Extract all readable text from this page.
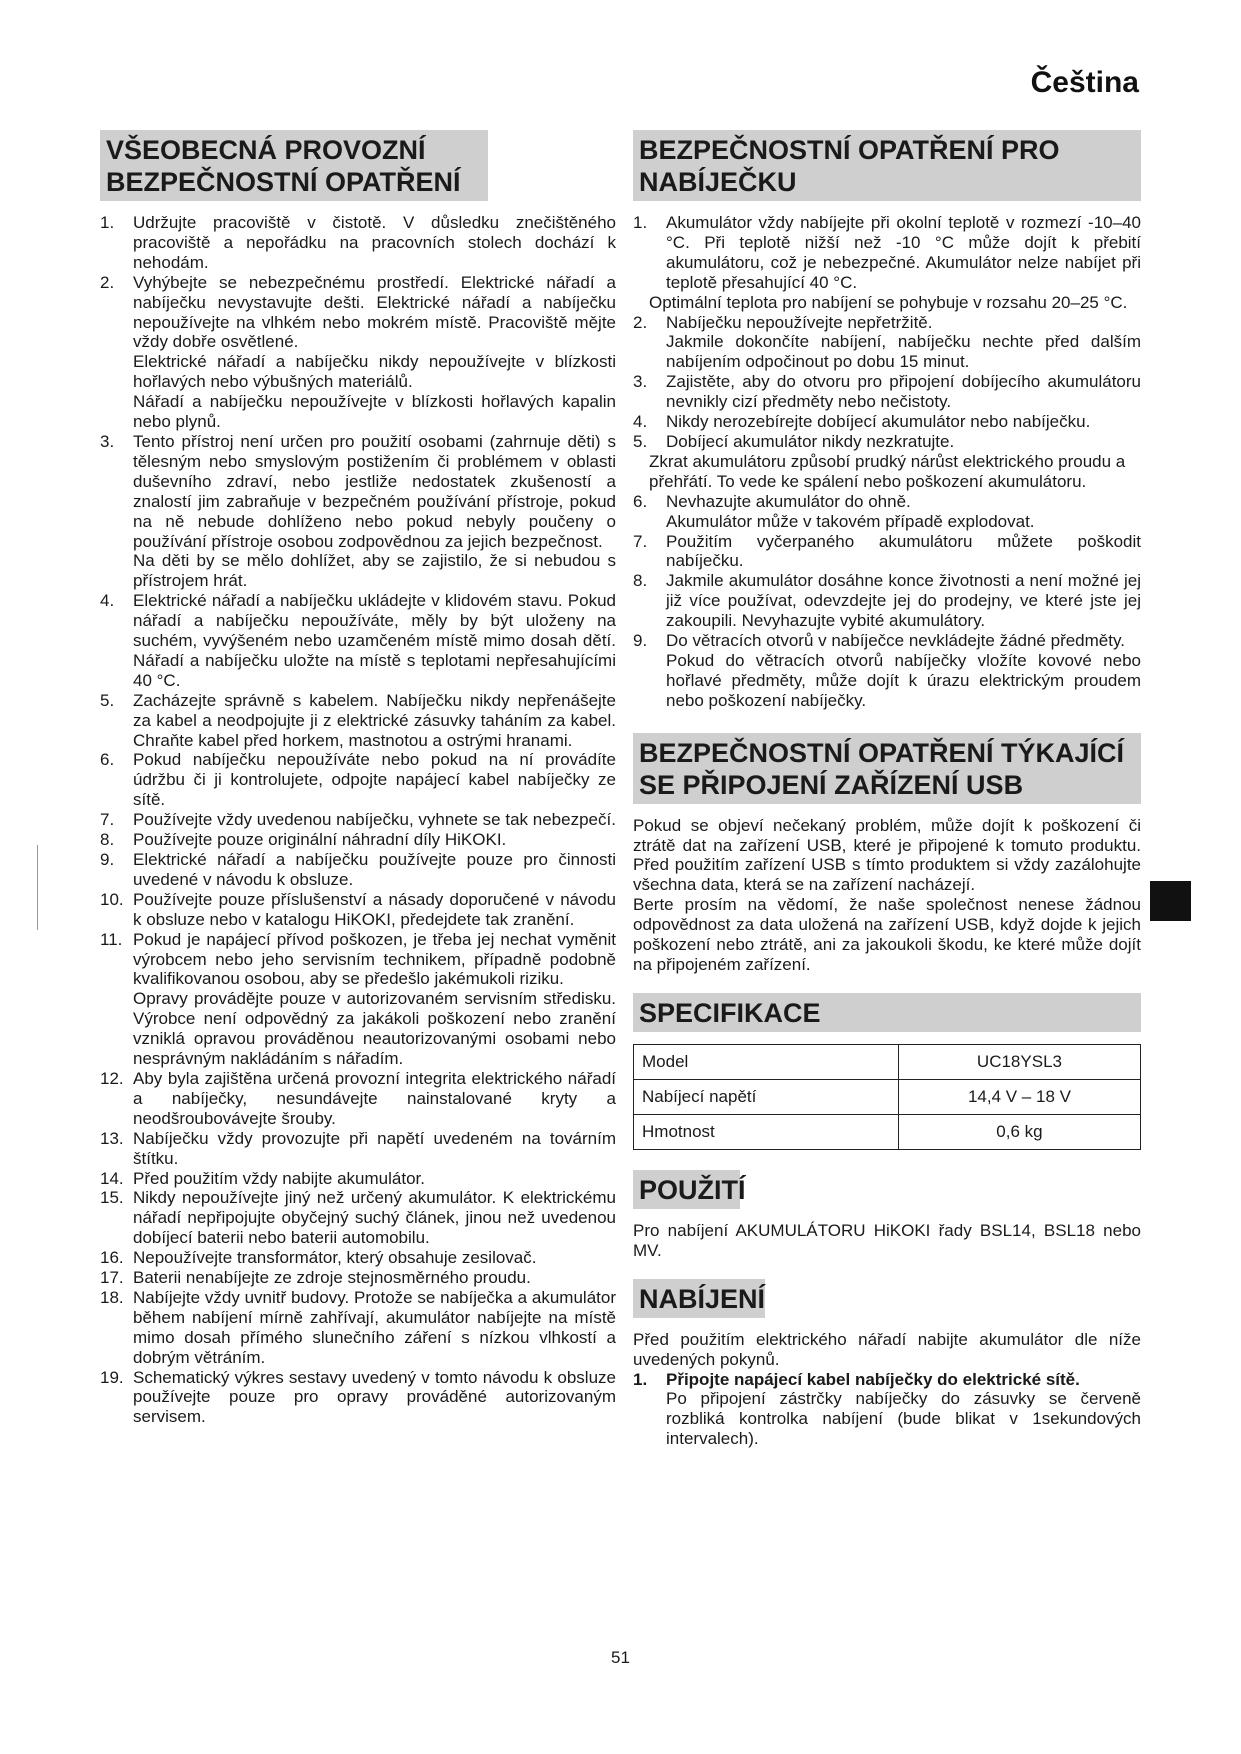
Čeština
VŠEOBECNÁ PROVOZNÍ BEZPEČNOSTNÍ OPATŘENÍ
1. Udržujte pracoviště v čistotě. V důsledku znečištěného pracoviště a nepořádku na pracovních stolech dochází k nehodám.
2. Vyhýbejte se nebezpečnému prostředí. Elektrické nářadí a nabíječku nevystavujte dešti. Elektrické nářadí a nabíječku nepoužívejte na vlhkém nebo mokrém místě. Pracoviště mějte vždy dobře osvětlené.
Elektrické nářadí a nabíječku nikdy nepoužívejte v blízkosti hořlavých nebo výbušných materiálů.
Nářadí a nabíječku nepoužívejte v blízkosti hořlavých kapalin nebo plynů.
3. Tento přístroj není určen pro použití osobami (zahrnuje děti) s tělesným nebo smyslovým postižením či problémem v oblasti duševního zdraví, nebo jestliže nedostatek zkušeností a znalostí jim zabraňuje v bezpečném používání přístroje, pokud na ně nebude dohlíženo nebo pokud nebyly poučeny o používání přístroje osobou zodpovědnou za jejich bezpečnost.
Na děti by se mělo dohlížet, aby se zajistilo, že si nebudou s přístrojem hrát.
4. Elektrické nářadí a nabíječku ukládejte v klidovém stavu. Pokud nářadí a nabíječku nepoužíváte, měly by být uloženy na suchém, vyvýšeném nebo uzamčeném místě mimo dosah dětí. Nářadí a nabíječku uložte na místě s teplotami nepřesahujícími 40 °C.
5. Zacházejte správně s kabelem. Nabíječku nikdy nepřenášejte za kabel a neodpojujte ji z elektrické zásuvky taháním za kabel. Chraňte kabel před horkem, mastnotou a ostrými hranami.
6. Pokud nabíječku nepoužíváte nebo pokud na ní provádíte údržbu či ji kontrolujete, odpojte napájecí kabel nabíječky ze sítě.
7. Používejte vždy uvedenou nabíječku, vyhnete se tak nebezpečí.
8. Používejte pouze originální náhradní díly HiKOKI.
9. Elektrické nářadí a nabíječku používejte pouze pro činnosti uvedené v návodu k obsluze.
10. Používejte pouze příslušenství a násady doporučené v návodu k obsluze nebo v katalogu HiKOKI, předejdete tak zranění.
11. Pokud je napájecí přívod poškozen, je třeba jej nechat vyměnit výrobcem nebo jeho servisním technikem, případně podobně kvalifikovanou osobou, aby se předešlo jakémukoli riziku.
Opravy provádějte pouze v autorizovaném servisním středisku. Výrobce není odpovědný za jakákoli poškození nebo zranění vzniklá opravou prováděnou neautorizovanými osobami nebo nesprávným nakládáním s nářadím.
12. Aby byla zajištěna určená provozní integrita elektrického nářadí a nabíječky, nesundávejte nainstalované kryty a neodšroubovávejte šrouby.
13. Nabíječku vždy provozujte při napětí uvedeném na továrním štítku.
14. Před použitím vždy nabijte akumulátor.
15. Nikdy nepoužívejte jiný než určený akumulátor. K elektrickému nářadí nepřipojujte obyčejný suchý článek, jinou než uvedenou dobíjecí baterii nebo baterii automobilu.
16. Nepoužívejte transformátor, který obsahuje zesilovač.
17. Baterii nenabíjejte ze zdroje stejnosměrného proudu.
18. Nabíjejte vždy uvnitř budovy. Protože se nabíječka a akumulátor během nabíjení mírně zahřívají, akumulátor nabíjejte na místě mimo dosah přímého slunečního záření s nízkou vlhkostí a dobrým větráním.
19. Schematický výkres sestavy uvedený v tomto návodu k obsluze používejte pouze pro opravy prováděné autorizovaným servisem.
BEZPEČNOSTNÍ OPATŘENÍ PRO NABÍJEČKU
1. Akumulátor vždy nabíjejte při okolní teplotě v rozmezí -10–40 °C. Při teplotě nižší než -10 °C může dojít k přebití akumulátoru, což je nebezpečné. Akumulátor nelze nabíjet při teplotě přesahující 40 °C.
Optimální teplota pro nabíjení se pohybuje v rozsahu 20–25 °C.
2. Nabíječku nepoužívejte nepřetržitě.
Jakmile dokončíte nabíjení, nabíječku nechte před dalším nabíjením odpočinout po dobu 15 minut.
3. Zajistěte, aby do otvoru pro připojení dobíjecího akumulátoru nevnikly cizí předměty nebo nečistoty.
4. Nikdy nerozebírejte dobíjecí akumulátor nebo nabíječku.
5. Dobíjecí akumulátor nikdy nezkratujte.
Zkrat akumulátoru způsobí prudký nárůst elektrického proudu a přehřátí. To vede ke spálení nebo poškození akumulátoru.
6. Nevhazujte akumulátor do ohně.
Akumulátor může v takovém případě explodovat.
7. Použitím vyčerpaného akumulátoru můžete poškodit nabíječku.
8. Jakmile akumulátor dosáhne konce životnosti a není možné jej již více používat, odevzdejte jej do prodejny, ve které jste jej zakoupili. Nevyhazujte vybité akumulátory.
9. Do větracích otvorů v nabíječce nevkládejte žádné předměty.
Pokud do větracích otvorů nabíječky vložíte kovové nebo hořlavé předměty, může dojít k úrazu elektrickým proudem nebo poškození nabíječky.
BEZPEČNOSTNÍ OPATŘENÍ TÝKAJÍCÍ SE PŘIPOJENÍ ZAŘÍZENÍ USB

Pokud se objeví nečekaný problém, může dojít k poškození či ztrátě dat na zařízení USB, které je připojené k tomuto produktu. Před použitím zařízení USB s tímto produktem si vždy zazálohujte všechna data, která se na zařízení nacházejí.

Berte prosím na vědomí, že naše společnost nenese žádnou odpovědnost za data uložená na zařízení USB, když dojde k jejich poškození nebo ztrátě, ani za jakoukoli škodu, ke které může dojít na připojeném zařízení.

SPECIFIKACE
Model	UC18YSL3
Nabíjecí napětí	14,4 V – 18 V
Hmotnost	0,6 kg
POUŽITÍ

Pro nabíjení AKUMULÁTORU HiKOKI řady BSL14, BSL18 nebo MV.

NABÍJENÍ

Před použitím elektrického nářadí nabijte akumulátor dle níže uvedených pokynů.

1. Připojte napájecí kabel nabíječky do elektrické sítě.
Po připojení zástrčky nabíječky do zásuvky se červeně rozbliká kontrolka nabíjení (bude blikat v 1sekundových intervalech).
51
